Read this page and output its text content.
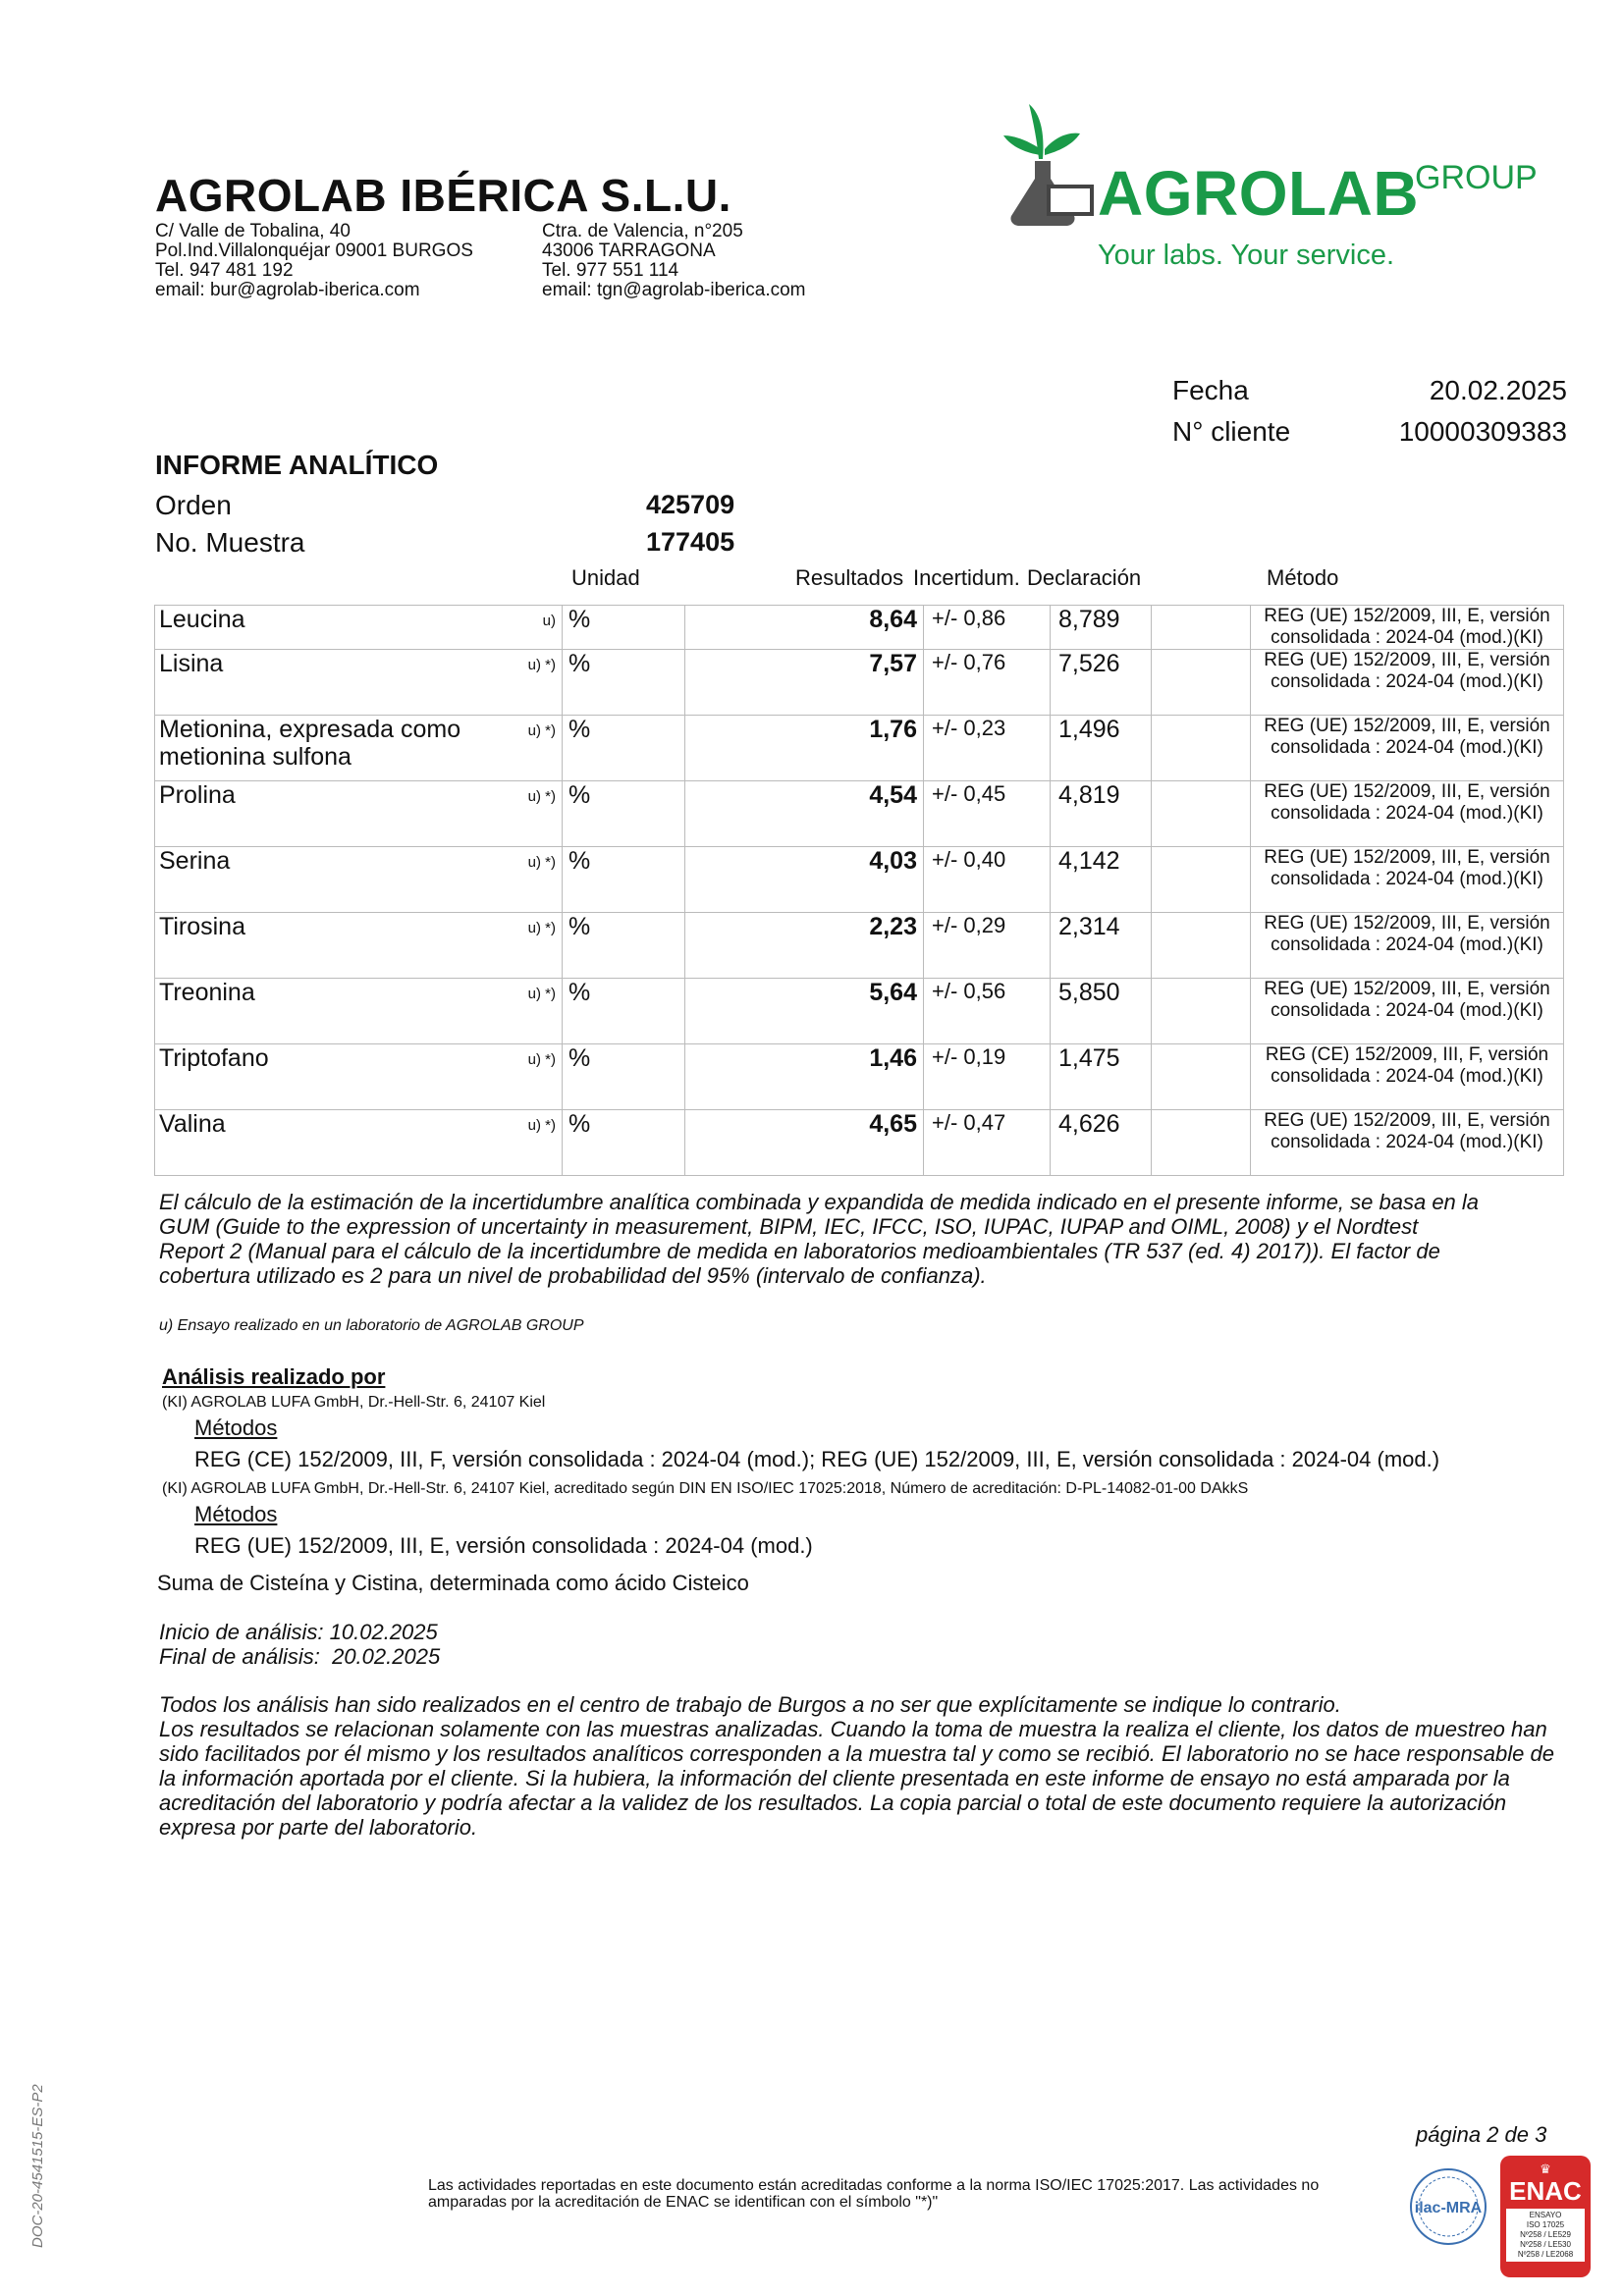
AGROLAB IBÉRICA S.L.U.
C/ Valle de Tobalina, 40
Pol.Ind.Villalonquéjar 09001 BURGOS
Tel. 947 481 192
email: bur@agrolab-iberica.com
Ctra. de Valencia, n°205
43006 TARRAGONA
Tel. 977 551 114
email: tgn@agrolab-iberica.com
AGROLAB
GROUP
Your labs. Your service.
Fecha	20.02.2025
N° cliente	10000309383
INFORME ANALÍTICO
Orden	425709
No. Muestra	177405
Unidad	Resultados Incertidum. Declaración	Método
Leucina u)	%	8,64	+/- 0,86	8,789		REG (UE) 152/2009, III, E, versión consolidada : 2024-04 (mod.)(KI)
Lisina u) *)	%	7,57	+/- 0,76	7,526		REG (UE) 152/2009, III, E, versión consolidada : 2024-04 (mod.)(KI)
Metionina, expresada como metionina sulfona
u) *)	%	1,76	+/- 0,23	1,496		REG (UE) 152/2009, III, E, versión consolidada : 2024-04 (mod.)(KI)
Prolina u) *)	%	4,54	+/- 0,45	4,819		REG (UE) 152/2009, III, E, versión consolidada : 2024-04 (mod.)(KI)
Serina u) *)	%	4,03	+/- 0,40	4,142		REG (UE) 152/2009, III, E, versión consolidada : 2024-04 (mod.)(KI)
Tirosina u) *)	%	2,23	+/- 0,29	2,314		REG (UE) 152/2009, III, E, versión consolidada : 2024-04 (mod.)(KI)
Treonina u) *)	%	5,64	+/- 0,56	5,850		REG (UE) 152/2009, III, E, versión consolidada : 2024-04 (mod.)(KI)
Triptofano u) *)	%	1,46	+/- 0,19	1,475		REG (CE) 152/2009, III, F, versión consolidada : 2024-04 (mod.)(KI)
Valina u) *)	%	4,65	+/- 0,47	4,626		REG (UE) 152/2009, III, E, versión consolidada : 2024-04 (mod.)(KI)
El cálculo de la estimación de la incertidumbre analítica combinada y expandida de medida indicado en el presente informe, se basa en la GUM (Guide to the expression of uncertainty in measurement, BIPM, IEC, IFCC, ISO, IUPAC, IUPAP and OIML, 2008) y el Nordtest Report 2 (Manual para el cálculo de la incertidumbre de medida en laboratorios medioambientales (TR 537 (ed. 4) 2017)). El factor de cobertura utilizado es 2 para un nivel de probabilidad del 95% (intervalo de confianza).
u) Ensayo realizado en un laboratorio de AGROLAB GROUP
Análisis realizado por
(KI) AGROLAB LUFA GmbH, Dr.-Hell-Str. 6, 24107 Kiel
Métodos
REG (CE) 152/2009, III, F, versión consolidada : 2024-04 (mod.); REG (UE) 152/2009, III, E, versión consolidada : 2024-04 (mod.)
(KI) AGROLAB LUFA GmbH, Dr.-Hell-Str. 6, 24107 Kiel, acreditado según DIN EN ISO/IEC 17025:2018, Número de acreditación: D-PL-14082-01-00 DAkkS
Métodos
REG (UE) 152/2009, III, E, versión consolidada : 2024-04 (mod.)
Suma de Cisteína y Cistina, determinada como ácido Cisteico
Inicio de análisis: 10.02.2025
Final de análisis:  20.02.2025
Todos los análisis han sido realizados en el centro de trabajo de Burgos a no ser que explícitamente se indique lo contrario.
Los resultados se relacionan solamente con las muestras analizadas. Cuando la toma de muestra la realiza el cliente, los datos de muestreo han sido facilitados por él mismo y los resultados analíticos corresponden a la muestra tal y como se recibió. El laboratorio no se hace responsable de la información aportada por el cliente. Si la hubiera, la información del cliente presentada en este informe de ensayo no está amparada por la acreditación del laboratorio y podría afectar a la validez de los resultados. La copia parcial o total de este documento requiere la autorización expresa por parte del laboratorio.
DOC-20-4541515-ES-P2	página 2 de 3
Las actividades reportadas en este documento están acreditadas conforme a la norma ISO/IEC 17025:2017. Las actividades no amparadas por la acreditación de ENAC se identifican con el símbolo "*)"	ilac-MRA
♛
ENAC
ENSAYO
ISO 17025
Nº258 / LE529
Nº258 / LE530
Nº258 / LE2068
